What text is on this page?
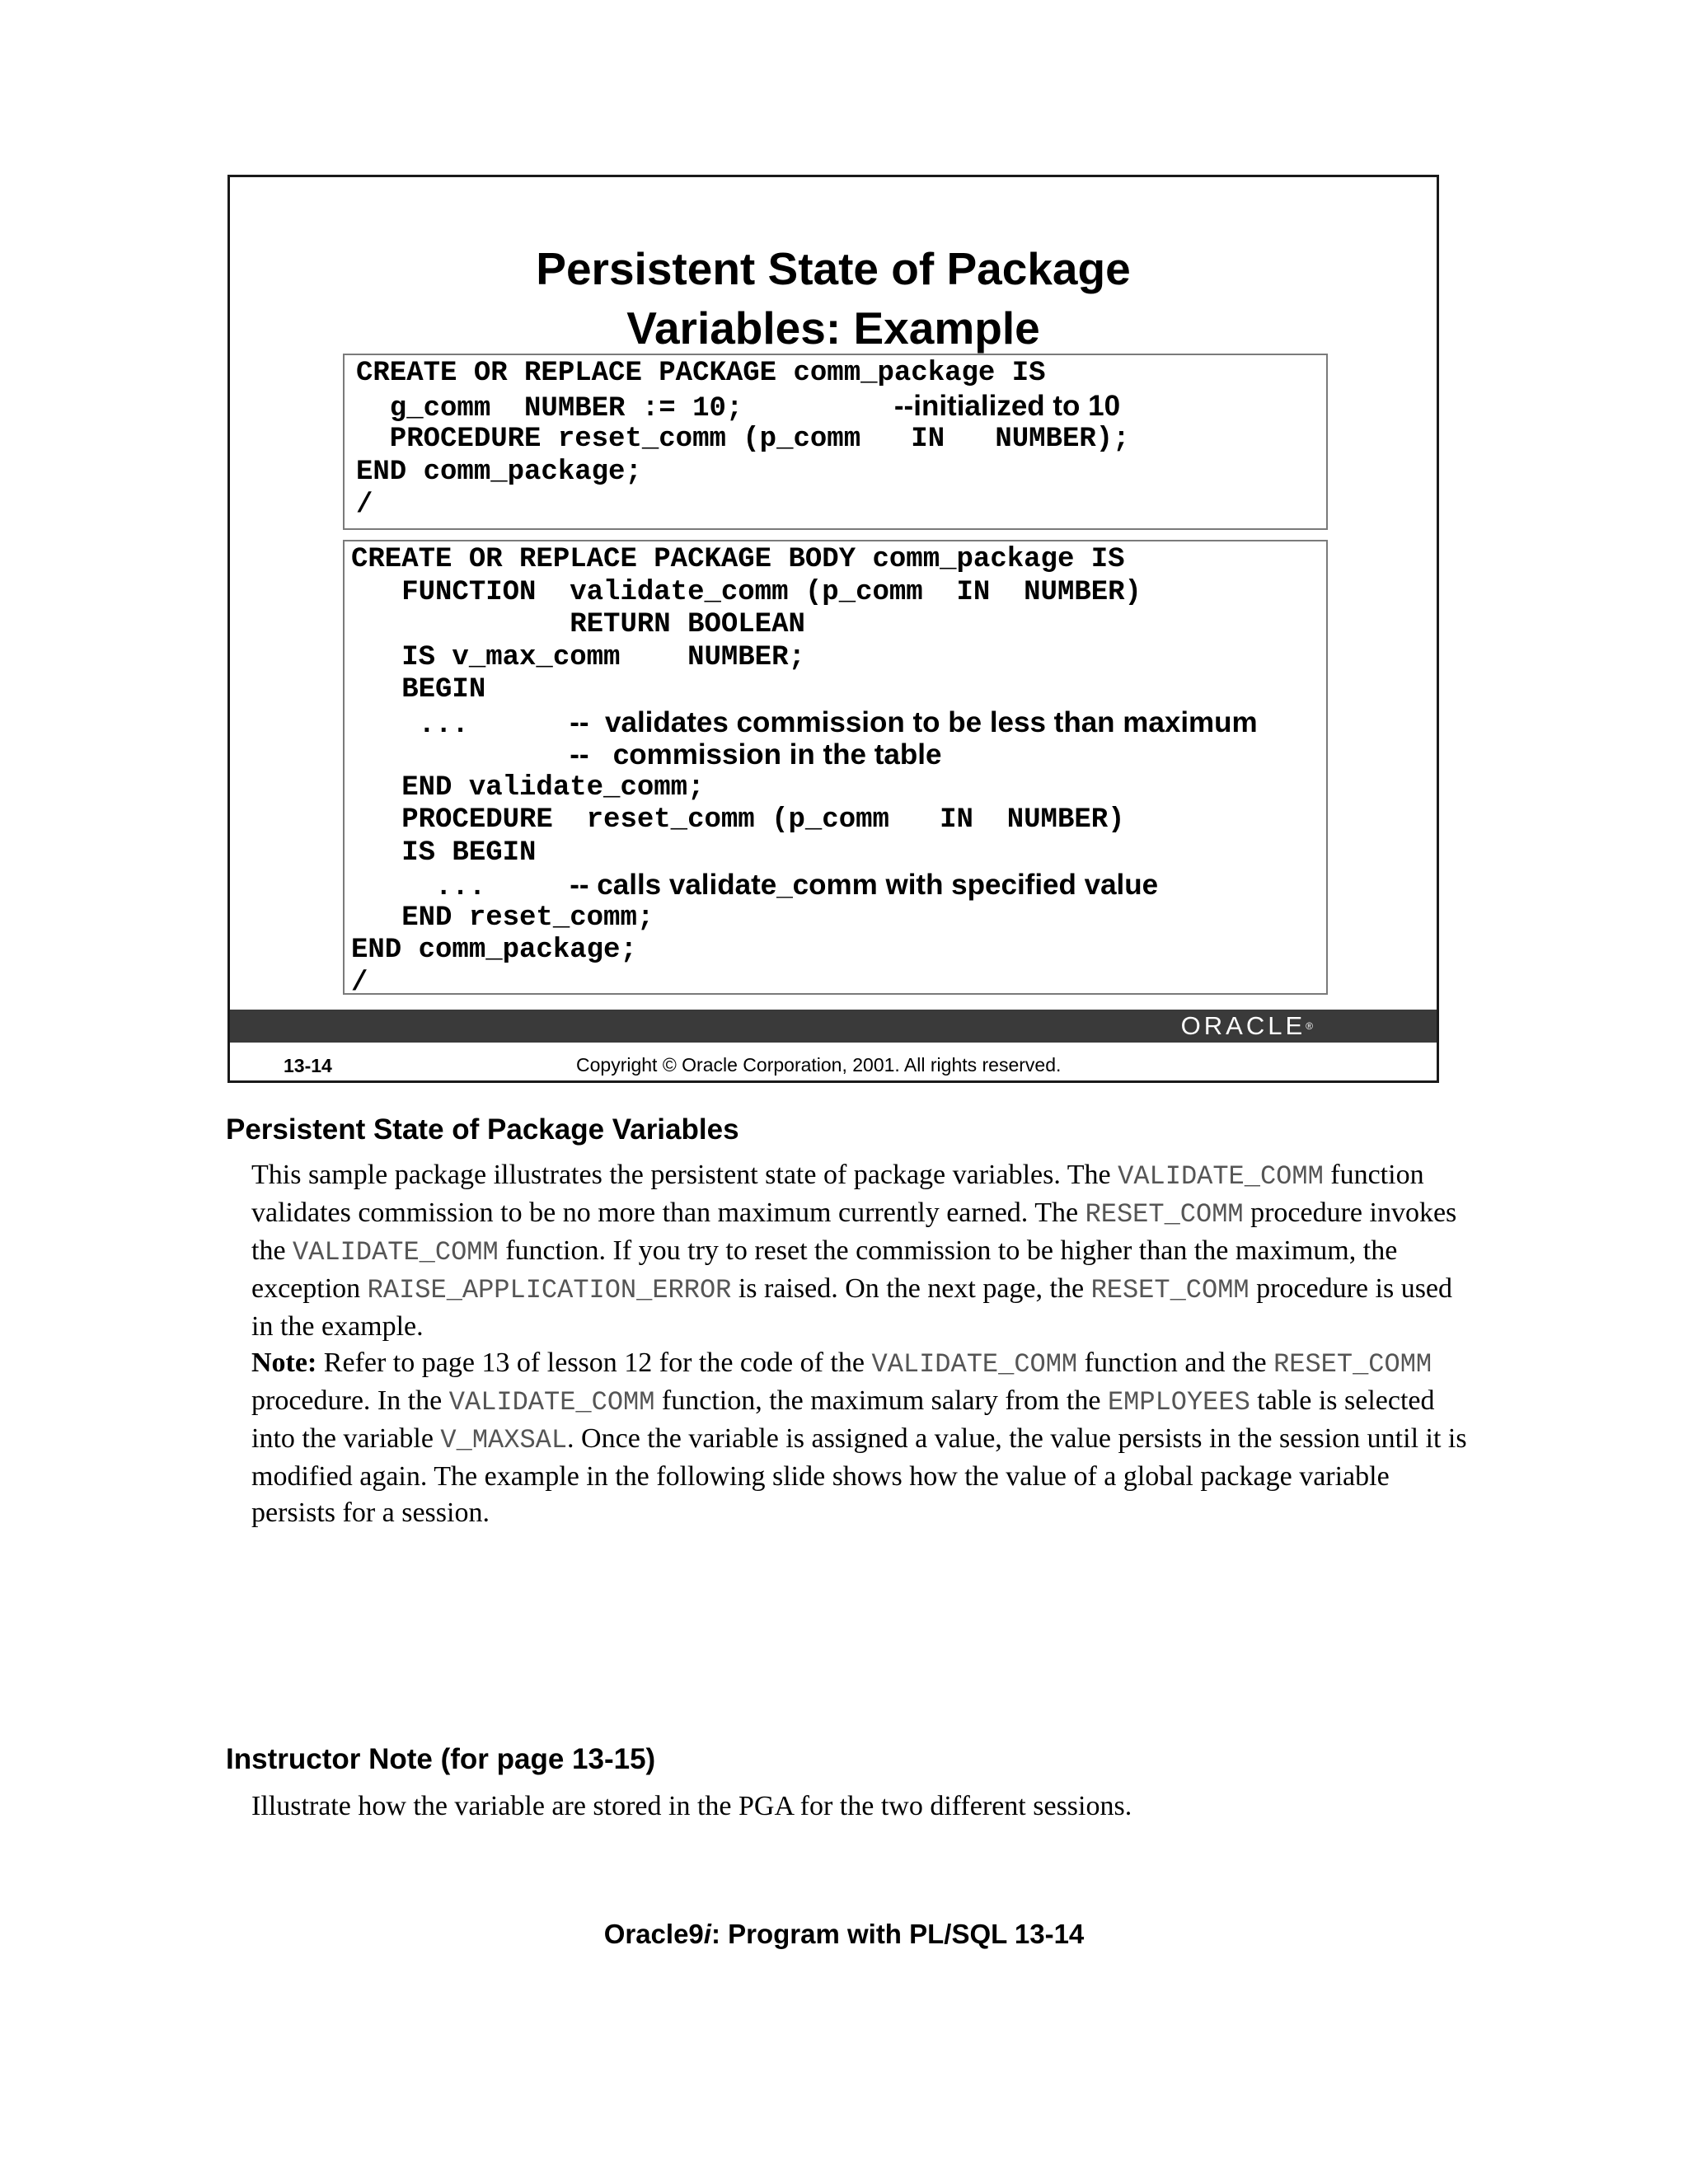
Persistent State of Package
Variables: Example
CREATE OR REPLACE PACKAGE comm_package IS
g_comm  NUMBER := 10;         --initialized to 10
PROCEDURE reset_comm (p_comm   IN   NUMBER);
END comm_package;
/
CREATE OR REPLACE PACKAGE BODY comm_package IS
FUNCTION  validate_comm (p_comm  IN  NUMBER)
RETURN BOOLEAN
IS v_max_comm    NUMBER;
BEGIN
...      --  validates commission to be less than maximum
--   commission in the table
END validate_comm;
PROCEDURE  reset_comm (p_comm   IN  NUMBER)
IS BEGIN
...     -- calls validate_comm with specified value
END reset_comm;
END comm_package;
/
ORACLE®
13-14	Copyright © Oracle Corporation, 2001. All rights reserved.
Persistent State of Package Variables

This sample package illustrates the persistent state of package variables. The VALIDATE_COMM function validates commission to be no more than maximum currently earned. The RESET_COMM procedure invokes the VALIDATE_COMM function. If you try to reset the commission to be higher than the maximum, the exception RAISE_APPLICATION_ERROR is raised. On the next page, the RESET_COMM procedure is used in the example.

Note: Refer to page 13 of lesson 12 for the code of the VALIDATE_COMM function and the RESET_COMM procedure. In the VALIDATE_COMM function, the maximum salary from the EMPLOYEES table is selected into the variable V_MAXSAL. Once the variable is assigned a value, the value persists in the session until it is modified again. The example in the following slide shows how the value of a global package variable persists for a session.

Instructor Note (for page 13-15)

Illustrate how the variable are stored in the PGA for the two different sessions.

Oracle9i: Program with PL/SQL 13-14
